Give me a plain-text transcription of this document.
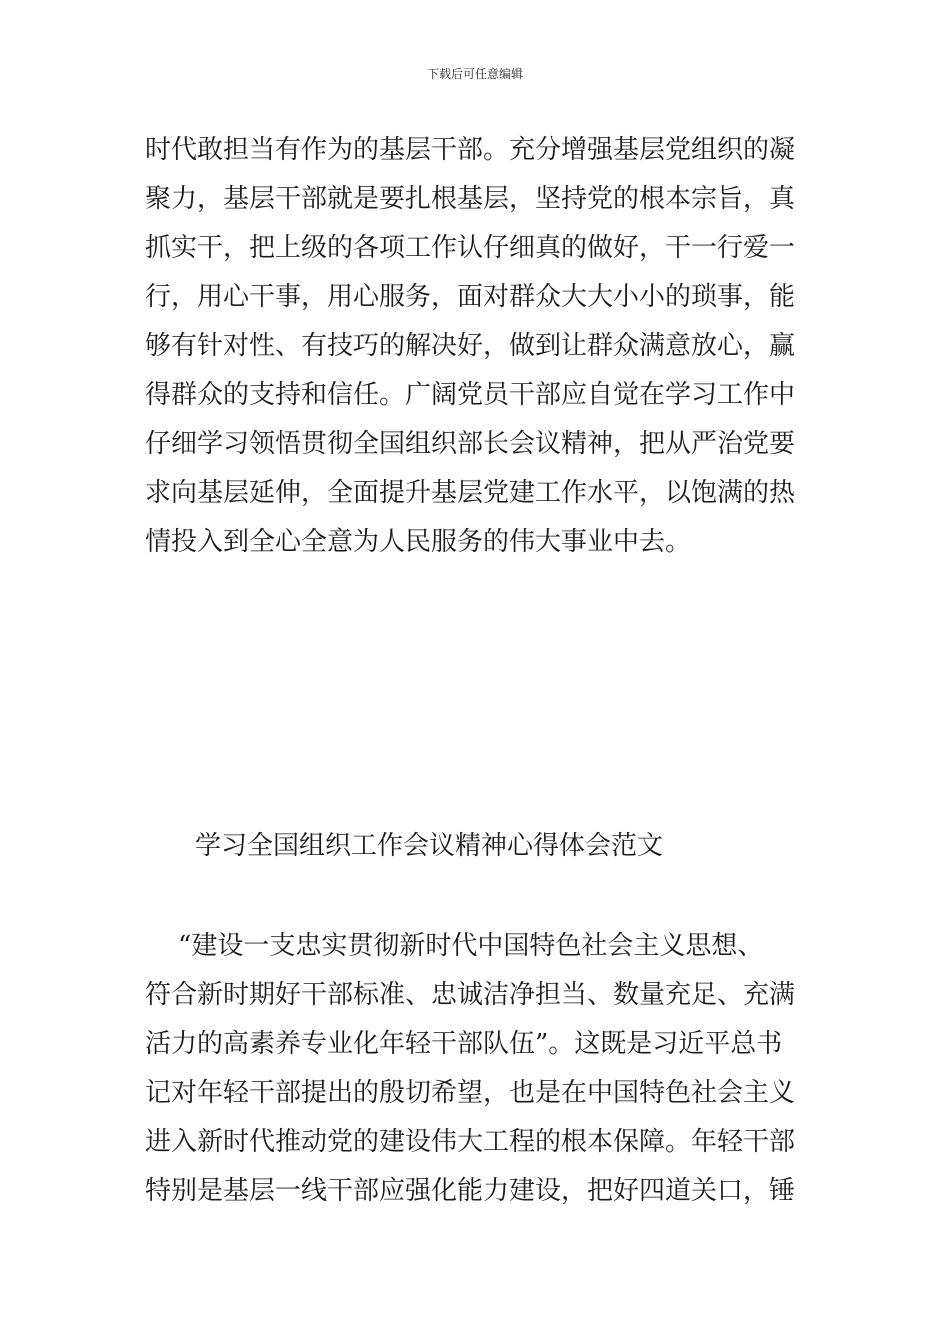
下载后可任意编辑
时代敢担当有作为的基层干部。充分增强基层党组织的凝
聚力，基层干部就是要扎根基层，坚持党的根本宗旨，真
抓实干，把上级的各项工作认仔细真的做好，干一行爱一
行，用心干事，用心服务，面对群众大大小小的琐事，能
够有针对性、有技巧的解决好，做到让群众满意放心，赢
得群众的支持和信任。广阔党员干部应自觉在学习工作中
仔细学习领悟贯彻全国组织部长会议精神，把从严治党要
求向基层延伸，全面提升基层党建工作水平，以饱满的热
情投入到全心全意为人民服务的伟大事业中去。
学习全国组织工作会议精神心得体会范文
“建设一支忠实贯彻新时代中国特色社会主义思想、
符合新时期好干部标准、忠诚洁净担当、数量充足、充满
活力的高素养专业化年轻干部队伍”。这既是习近平总书
记对年轻干部提出的殷切希望，也是在中国特色社会主义
进入新时代推动党的建设伟大工程的根本保障。年轻干部
特别是基层一线干部应强化能力建设，把好四道关口，锤
